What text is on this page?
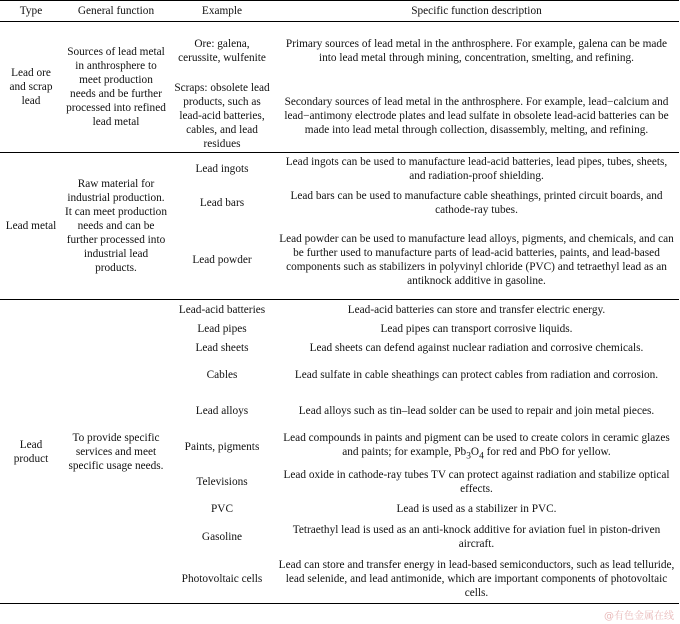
Type	General function	Example	Specific function description
Lead ore and scrap lead	Sources of lead metal in anthrosphere to meet production needs and be further processed into refined lead metal	Ore: galena, cerussite, wulfenite	Primary sources of lead metal in the anthrosphere. For example, galena can be made into lead metal through mining, concentration, smelting, and refining.
		Scraps: obsolete lead products, such as lead-acid batteries, cables, and lead residues	Secondary sources of lead metal in the anthrosphere. For example, lead−calcium and lead−antimony electrode plates and lead sulfate in obsolete lead-acid batteries can be made into lead metal through collection, disassembly, melting, and refining.
Lead metal	Raw material for industrial production. It can meet production needs and can be further processed into industrial lead products.	Lead ingots	Lead ingots can be used to manufacture lead-acid batteries, lead pipes, tubes, sheets, and radiation-proof shielding.
		Lead bars	Lead bars can be used to manufacture cable sheathings, printed circuit boards, and cathode-ray tubes.
		Lead powder	Lead powder can be used to manufacture lead alloys, pigments, and chemicals, and can be further used to manufacture parts of lead-acid batteries, paints, and lead-based components such as stabilizers in polyvinyl chloride (PVC) and tetraethyl lead as an antiknock additive in gasoline.
Lead product	To provide specific services and meet specific usage needs.	Lead-acid batteries	Lead-acid batteries can store and transfer electric energy.
		Lead pipes	Lead pipes can transport corrosive liquids.
		Lead sheets	Lead sheets can defend against nuclear radiation and corrosive chemicals.
		Cables	Lead sulfate in cable sheathings can protect cables from radiation and corrosion.
		Lead alloys	Lead alloys such as tin–lead solder can be used to repair and join metal pieces.
		Paints, pigments	Lead compounds in paints and pigment can be used to create colors in ceramic glazes and paints; for example, $Pb_3O_4$ for red and PbO for yellow.
		Televisions	Lead oxide in cathode-ray tubes TV can protect against radiation and stabilize optical effects.
		PVC	Lead is used as a stabilizer in PVC.
		Gasoline	Tetraethyl lead is used as an anti-knock additive for aviation fuel in piston-driven aircraft.
		Photovoltaic cells	Lead can store and transfer energy in lead-based semiconductors, such as lead telluride, lead selenide, and lead antimonide, which are important components of photovoltaic cells.
@有色金属在线
